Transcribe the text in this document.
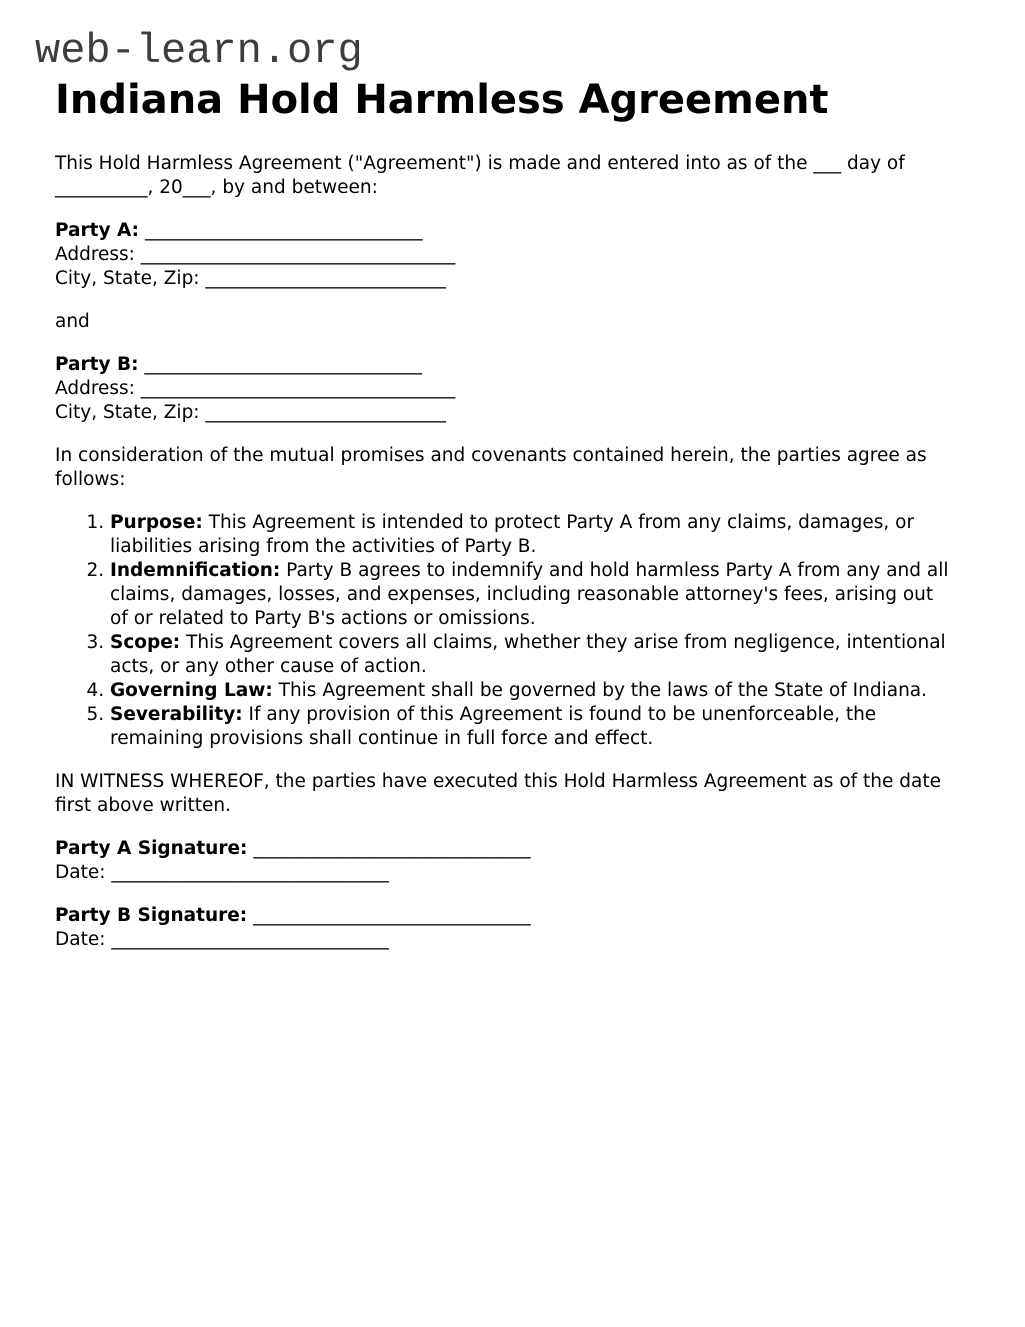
web-learn.org
Indiana Hold Harmless Agreement

This Hold Harmless Agreement ("Agreement") is made and entered into as of the ___ day of __________, 20___, by and between:

Party A: ______________________________
Address: __________________________________
City, State, Zip: __________________________

and

Party B: ______________________________
Address: __________________________________
City, State, Zip: __________________________

In consideration of the mutual promises and covenants contained herein, the parties agree as follows:

1. Purpose: This Agreement is intended to protect Party A from any claims, damages, or liabilities arising from the activities of Party B.
2. Indemnification: Party B agrees to indemnify and hold harmless Party A from any and all claims, damages, losses, and expenses, including reasonable attorney's fees, arising out of or related to Party B's actions or omissions.
3. Scope: This Agreement covers all claims, whether they arise from negligence, intentional acts, or any other cause of action.
4. Governing Law: This Agreement shall be governed by the laws of the State of Indiana.
5. Severability: If any provision of this Agreement is found to be unenforceable, the remaining provisions shall continue in full force and effect.

IN WITNESS WHEREOF, the parties have executed this Hold Harmless Agreement as of the date first above written.

Party A Signature: ______________________________
Date: ______________________________
Party B Signature: ______________________________
Date: ______________________________
